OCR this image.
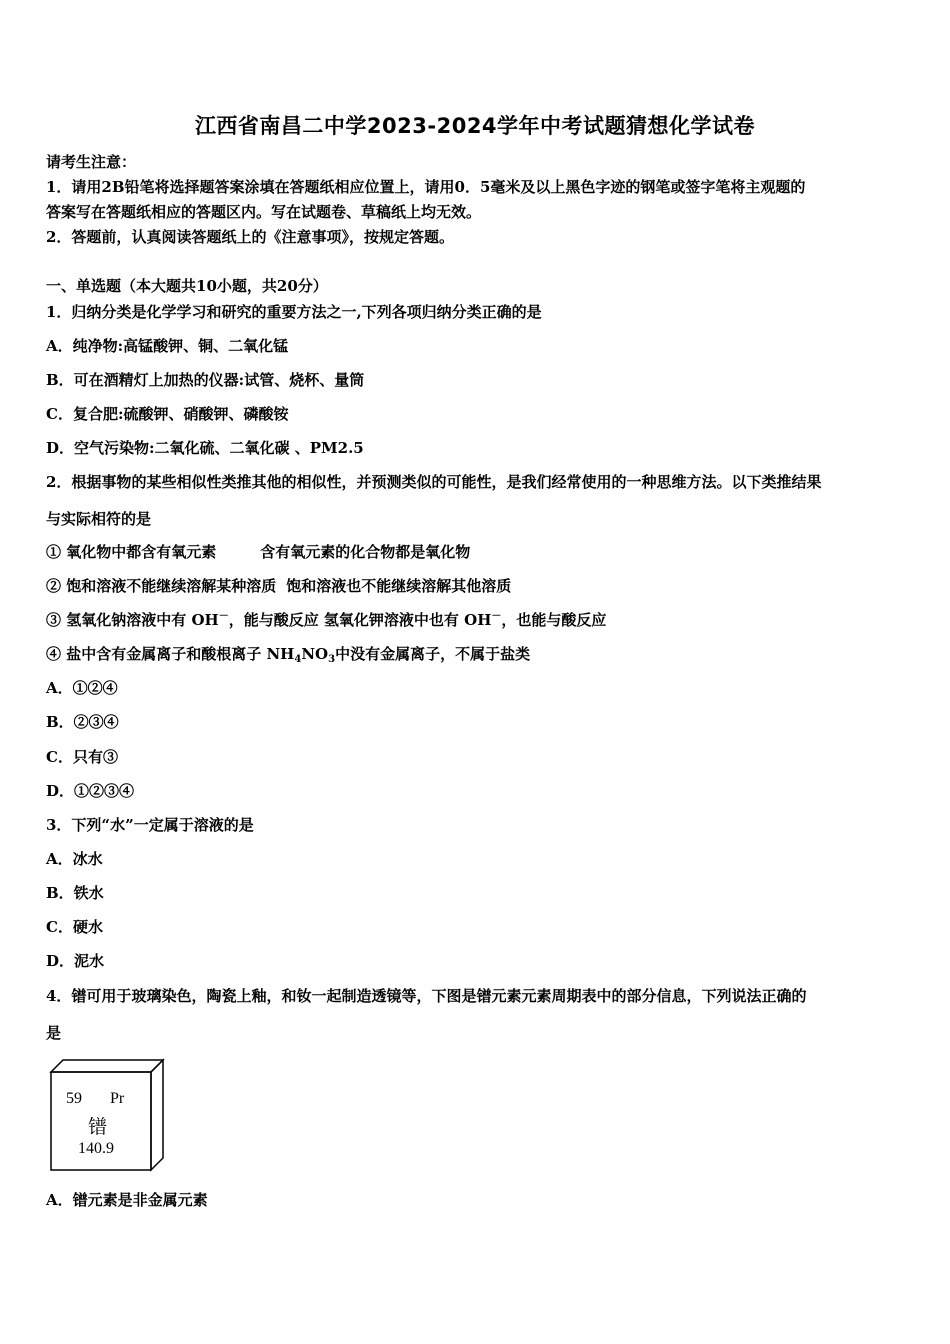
江西省南昌二中学2023-2024学年中考试题猜想化学试卷
请考生注意：
1．请用2B铅笔将选择题答案涂填在答题纸相应位置上，请用0．5毫米及以上黑色字迹的钢笔或签字笔将主观题的
答案写在答题纸相应的答题区内。写在试题卷、草稿纸上均无效。
2．答题前，认真阅读答题纸上的《注意事项》，按规定答题。
一、单选题（本大题共10小题，共20分）
1．归纳分类是化学学习和研究的重要方法之一,下列各项归纳分类正确的是
A．纯净物:高锰酸钾、铜、二氧化锰
B．可在酒精灯上加热的仪器:试管、烧杯、量筒
C．复合肥:硫酸钾、硝酸钾、磷酸铵
D．空气污染物:二氧化硫、二氧化碳 、PM2.5
2．根据事物的某些相似性类推其他的相似性，并预测类似的可能性，是我们经常使用的一种思维方法。以下类推结果
与实际相符的是
① 氧化物中都含有氧元素	含有氧元素的化合物都是氧化物
② 饱和溶液不能继续溶解某种溶质 饱和溶液也不能继续溶解其他溶质
③ 氢氧化钠溶液中有 OH－，能与酸反应 氢氧化钾溶液中也有 OH－，也能与酸反应
④ 盐中含有金属离子和酸根离子 $NH_4NO_3$中没有金属离子，不属于盐类
A．①②④
B．②③④
C．只有③
D．①②③④
3．下列“水”一定属于溶液的是
A．冰水
B．铁水
C．硬水
D．泥水
4．镨可用于玻璃染色，陶瓷上釉，和钕一起制造透镜等，下图是镨元素元素周期表中的部分信息，下列说法正确的
是
59 Pr
镨
140.9
A．镨元素是非金属元素
